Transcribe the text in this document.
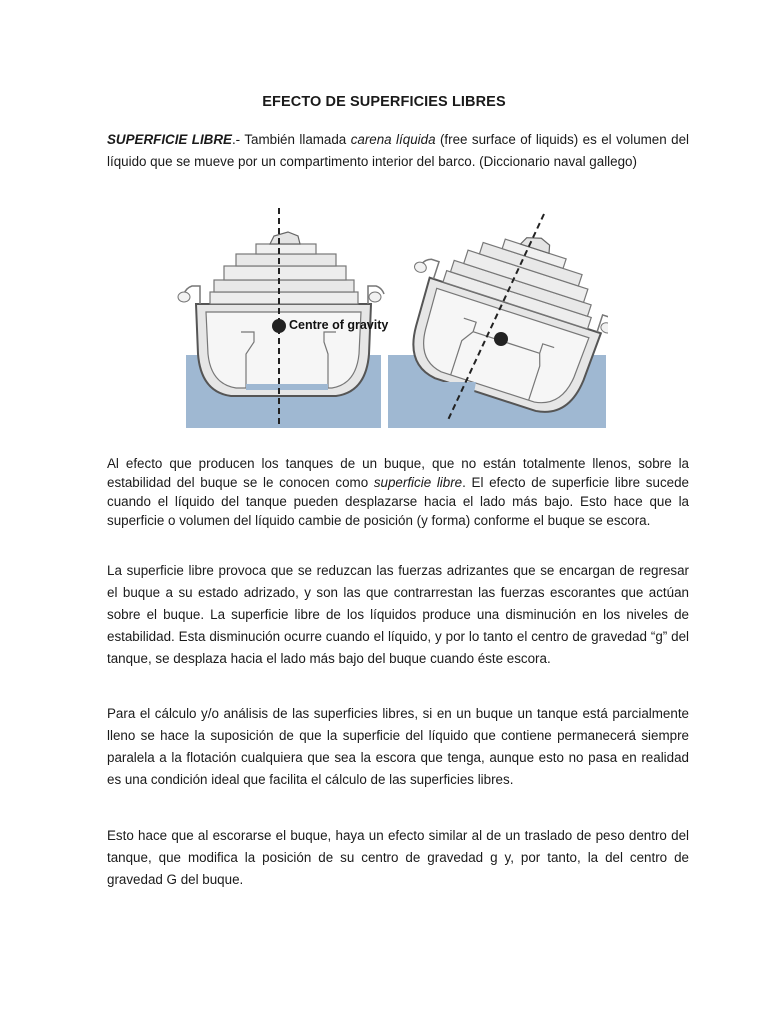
EFECTO DE SUPERFICIES LIBRES

SUPERFICIE LIBRE.- También llamada carena líquida (free surface of liquids) es el volumen del líquido que se mueve por un compartimento interior del barco. (Diccionario naval gallego)

Centre of gravity

Al efecto que producen los tanques de un buque, que no están totalmente llenos, sobre la estabilidad del buque se le conocen como superficie libre. El efecto de superficie libre sucede cuando el líquido del tanque pueden desplazarse hacia el lado más bajo. Esto hace que la superficie o volumen del líquido cambie de posición (y forma) conforme el buque se escora.

La superficie libre provoca que se reduzcan las fuerzas adrizantes que se encargan de regresar el buque a su estado adrizado, y son las que contrarrestan las fuerzas escorantes que actúan sobre el buque. La superficie libre de los líquidos produce una disminución en los niveles de estabilidad. Esta disminución ocurre cuando el líquido, y por lo tanto el centro de gravedad “g” del tanque, se desplaza hacia el lado más bajo del buque cuando éste escora.

Para el cálculo y/o análisis de las superficies libres, si en un buque un tanque está parcialmente lleno se hace la suposición de que la superficie del líquido que contiene permanecerá siempre paralela a la flotación cualquiera que sea la escora que tenga, aunque esto no pasa en realidad es una condición ideal que facilita el cálculo de las superficies libres.

Esto hace que al escorarse el buque, haya un efecto similar al de un traslado de peso dentro del tanque, que modifica la posición de su centro de gravedad g y, por tanto, la del centro de gravedad G del buque.
